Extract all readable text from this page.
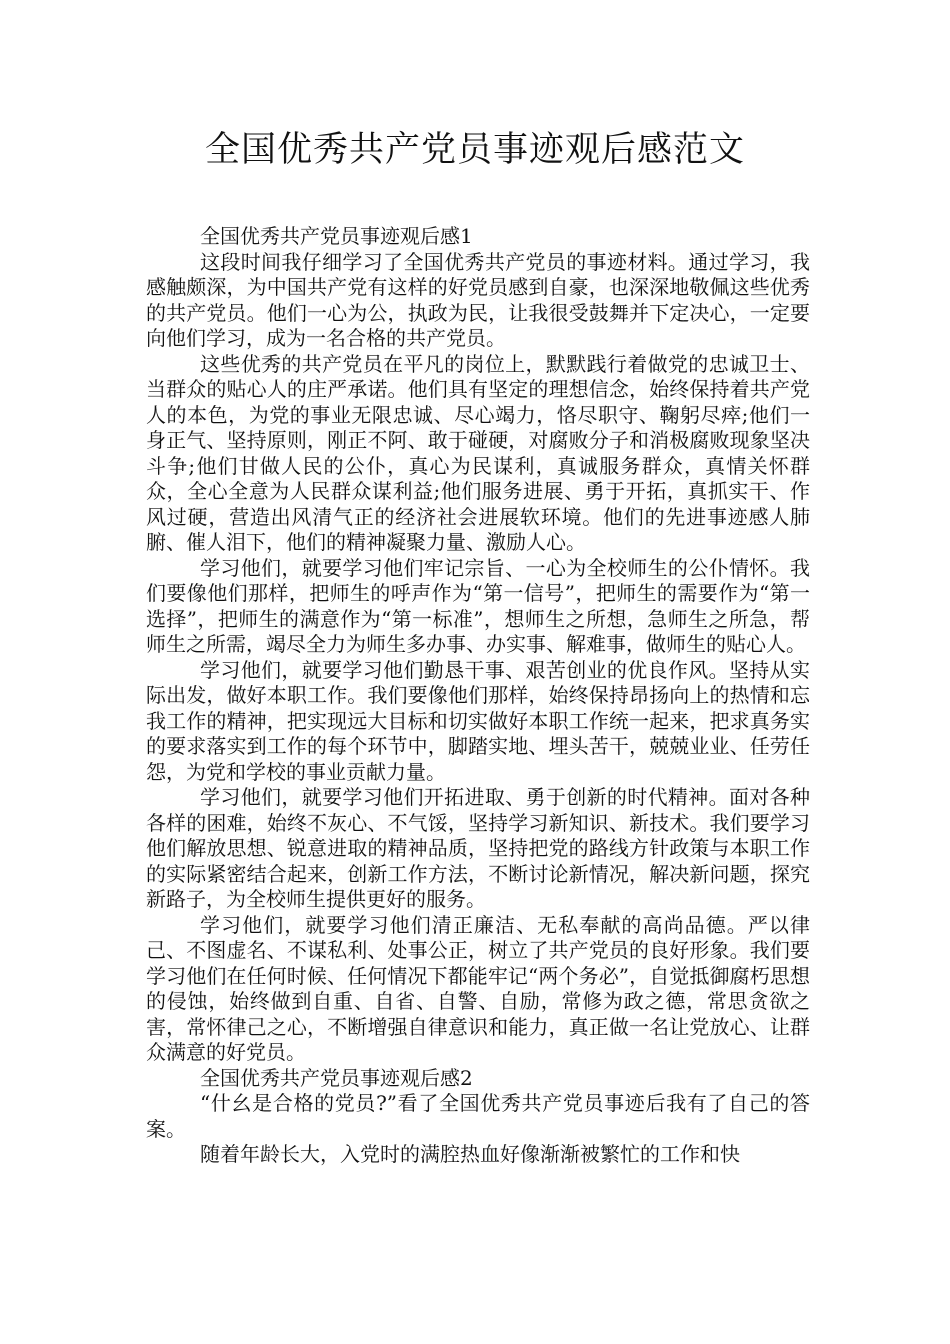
全国优秀共产党员事迹观后感范文

全国优秀共产党员事迹观后感1

这段时间我仔细学习了全国优秀共产党员的事迹材料。通过学习，我感触颇深，为中国共产党有这样的好党员感到自豪，也深深地敬佩这些优秀的共产党员。他们一心为公，执政为民，让我很受鼓舞并下定决心，一定要向他们学习，成为一名合格的共产党员。

这些优秀的共产党员在平凡的岗位上，默默践行着做党的忠诚卫士、当群众的贴心人的庄严承诺。他们具有坚定的理想信念，始终保持着共产党人的本色，为党的事业无限忠诚、尽心竭力，恪尽职守、鞠躬尽瘁;他们一身正气、坚持原则，刚正不阿、敢于碰硬，对腐败分子和消极腐败现象坚决斗争;他们甘做人民的公仆，真心为民谋利，真诚服务群众，真情关怀群众，全心全意为人民群众谋利益;他们服务进展、勇于开拓，真抓实干、作风过硬，营造出风清气正的经济社会进展软环境。他们的先进事迹感人肺腑、催人泪下，他们的精神凝聚力量、激励人心。

学习他们，就要学习他们牢记宗旨、一心为全校师生的公仆情怀。我们要像他们那样，把师生的呼声作为“第一信号”，把师生的需要作为“第一选择”，把师生的满意作为“第一标准”，想师生之所想，急师生之所急，帮师生之所需，竭尽全力为师生多办事、办实事、解难事，做师生的贴心人。

学习他们，就要学习他们勤恳干事、艰苦创业的优良作风。坚持从实际出发，做好本职工作。我们要像他们那样，始终保持昂扬向上的热情和忘我工作的精神，把实现远大目标和切实做好本职工作统一起来，把求真务实的要求落实到工作的每个环节中，脚踏实地、埋头苦干，兢兢业业、任劳任怨，为党和学校的事业贡献力量。

学习他们，就要学习他们开拓进取、勇于创新的时代精神。面对各种各样的困难，始终不灰心、不气馁，坚持学习新知识、新技术。我们要学习他们解放思想、锐意进取的精神品质，坚持把党的路线方针政策与本职工作的实际紧密结合起来，创新工作方法，不断讨论新情况，解决新问题，探究新路子，为全校师生提供更好的服务。

学习他们，就要学习他们清正廉洁、无私奉献的高尚品德。严以律己、不图虚名、不谋私利、处事公正，树立了共产党员的良好形象。我们要学习他们在任何时候、任何情况下都能牢记“两个务必”，自觉抵御腐朽思想的侵蚀，始终做到自重、自省、自警、自励，常修为政之德，常思贪欲之害，常怀律己之心，不断增强自律意识和能力，真正做一名让党放心、让群众满意的好党员。

全国优秀共产党员事迹观后感2

“什幺是合格的党员?”看了全国优秀共产党员事迹后我有了自己的答案。

随着年龄长大，入党时的满腔热血好像渐渐被繁忙的工作和快
